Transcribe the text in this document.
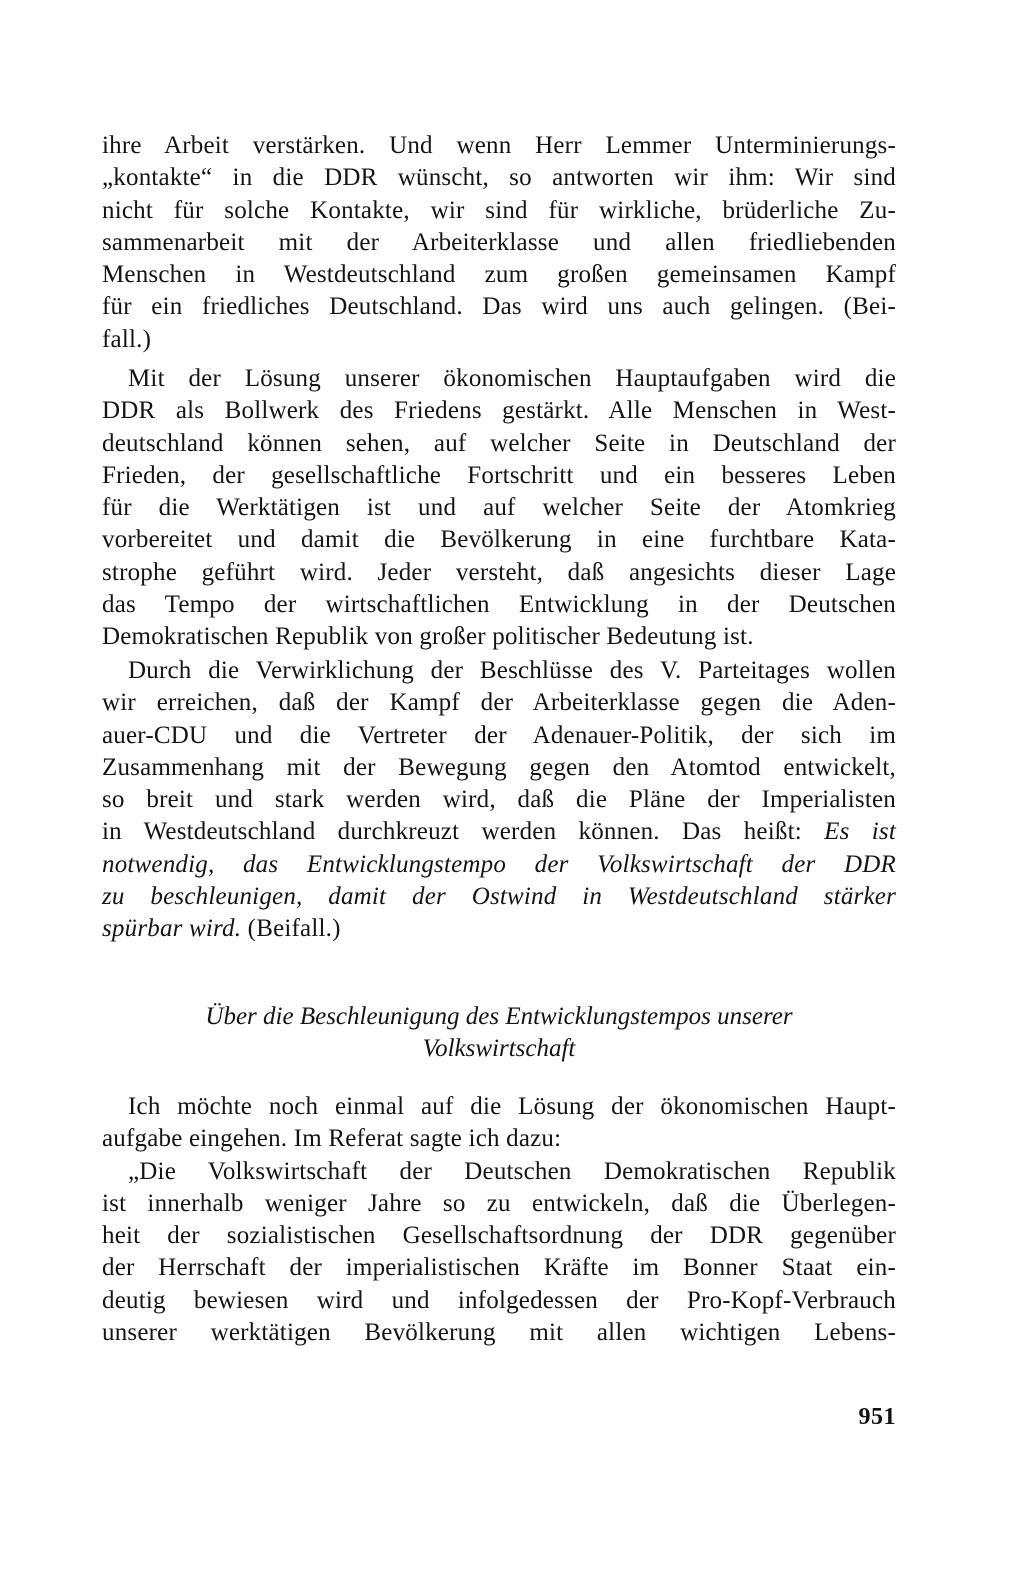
ihre Arbeit verstärken. Und wenn Herr Lemmer Unterminierungs-
„kontakte“ in die DDR wünscht, so antworten wir ihm: Wir sind
nicht für solche Kontakte, wir sind für wirkliche, brüderliche Zu-
sammenarbeit mit der Arbeiterklasse und allen friedliebenden
Menschen in Westdeutschland zum großen gemeinsamen Kampf
für ein friedliches Deutschland. Das wird uns auch gelingen. (Bei-
fall.)
Mit der Lösung unserer ökonomischen Hauptaufgaben wird die
DDR als Bollwerk des Friedens gestärkt. Alle Menschen in West-
deutschland können sehen, auf welcher Seite in Deutschland der
Frieden, der gesellschaftliche Fortschritt und ein besseres Leben
für die Werktätigen ist und auf welcher Seite der Atomkrieg
vorbereitet und damit die Bevölkerung in eine furchtbare Kata-
strophe geführt wird. Jeder versteht, daß angesichts dieser Lage
das Tempo der wirtschaftlichen Entwicklung in der Deutschen
Demokratischen Republik von großer politischer Bedeutung ist.
Durch die Verwirklichung der Beschlüsse des V. Parteitages wollen
wir erreichen, daß der Kampf der Arbeiterklasse gegen die Aden-
auer-CDU und die Vertreter der Adenauer-Politik, der sich im
Zusammenhang mit der Bewegung gegen den Atomtod entwickelt,
so breit und stark werden wird, daß die Pläne der Imperialisten
in Westdeutschland durchkreuzt werden können. Das heißt: Es ist
notwendig, das Entwicklungstempo der Volkswirtschaft der DDR
zu beschleunigen, damit der Ostwind in Westdeutschland stärker
spürbar wird. (Beifall.)
Über die Beschleunigung des Entwicklungstempos unserer
Volkswirtschaft
Ich möchte noch einmal auf die Lösung der ökonomischen Haupt-
aufgabe eingehen. Im Referat sagte ich dazu:
„Die Volkswirtschaft der Deutschen Demokratischen Republik
ist innerhalb weniger Jahre so zu entwickeln, daß die Überlegen-
heit der sozialistischen Gesellschaftsordnung der DDR gegenüber
der Herrschaft der imperialistischen Kräfte im Bonner Staat ein-
deutig bewiesen wird und infolgedessen der Pro-Kopf-Verbrauch
unserer werktätigen Bevölkerung mit allen wichtigen Lebens-
951
